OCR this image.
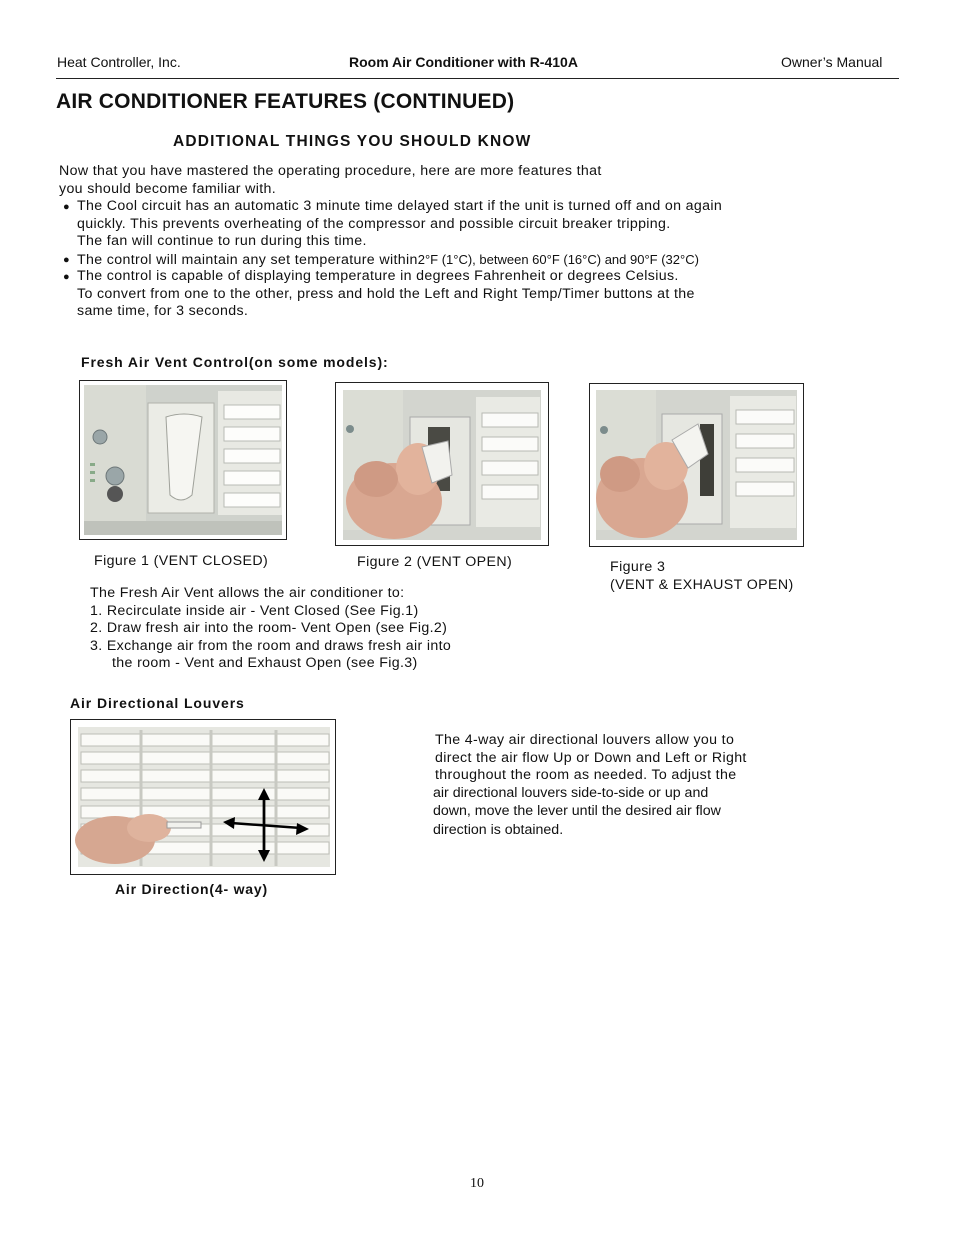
Heat Controller, Inc.	Room Air Conditioner with R-410A	Owner’s Manual
AIR CONDITIONER FEATURES (CONTINUED)
ADDITIONAL THINGS YOU SHOULD KNOW
Now that you have mastered the operating procedure, here are more features that
you should become familiar with.
● The Cool circuit has an automatic 3 minute time delayed start if the unit is turned off and on again
quickly. This prevents overheating of the compressor and possible circuit breaker tripping.
The fan will continue to run during this time.
● The control will maintain any set temperature within2°F (1°C), between 60°F (16°C) and 90°F (32°C)
● The control is capable of displaying temperature in degrees Fahrenheit or degrees Celsius.
To convert from one to the other, press and hold the Left and Right Temp/Timer buttons at the
same time, for 3 seconds.
Fresh Air Vent Control(on some models):
Figure 1 (VENT CLOSED)	Figure 2 (VENT OPEN)	Figure 3
(VENT & EXHAUST OPEN)
The Fresh Air Vent allows the air conditioner to:
1. Recirculate inside air - Vent Closed (See Fig.1)
2. Draw fresh air into the room- Vent Open (see Fig.2)
3. Exchange air from the room and draws fresh air into
the room - Vent and Exhaust Open (see Fig.3)
Air Directional Louvers
Air Direction(4- way)
The 4-way air directional louvers allow you to
direct the air flow Up or Down and Left or Right
throughout the room as needed. To adjust the
air directional louvers side-to-side or up and
down, move the lever until the desired air flow
direction is obtained.
10
